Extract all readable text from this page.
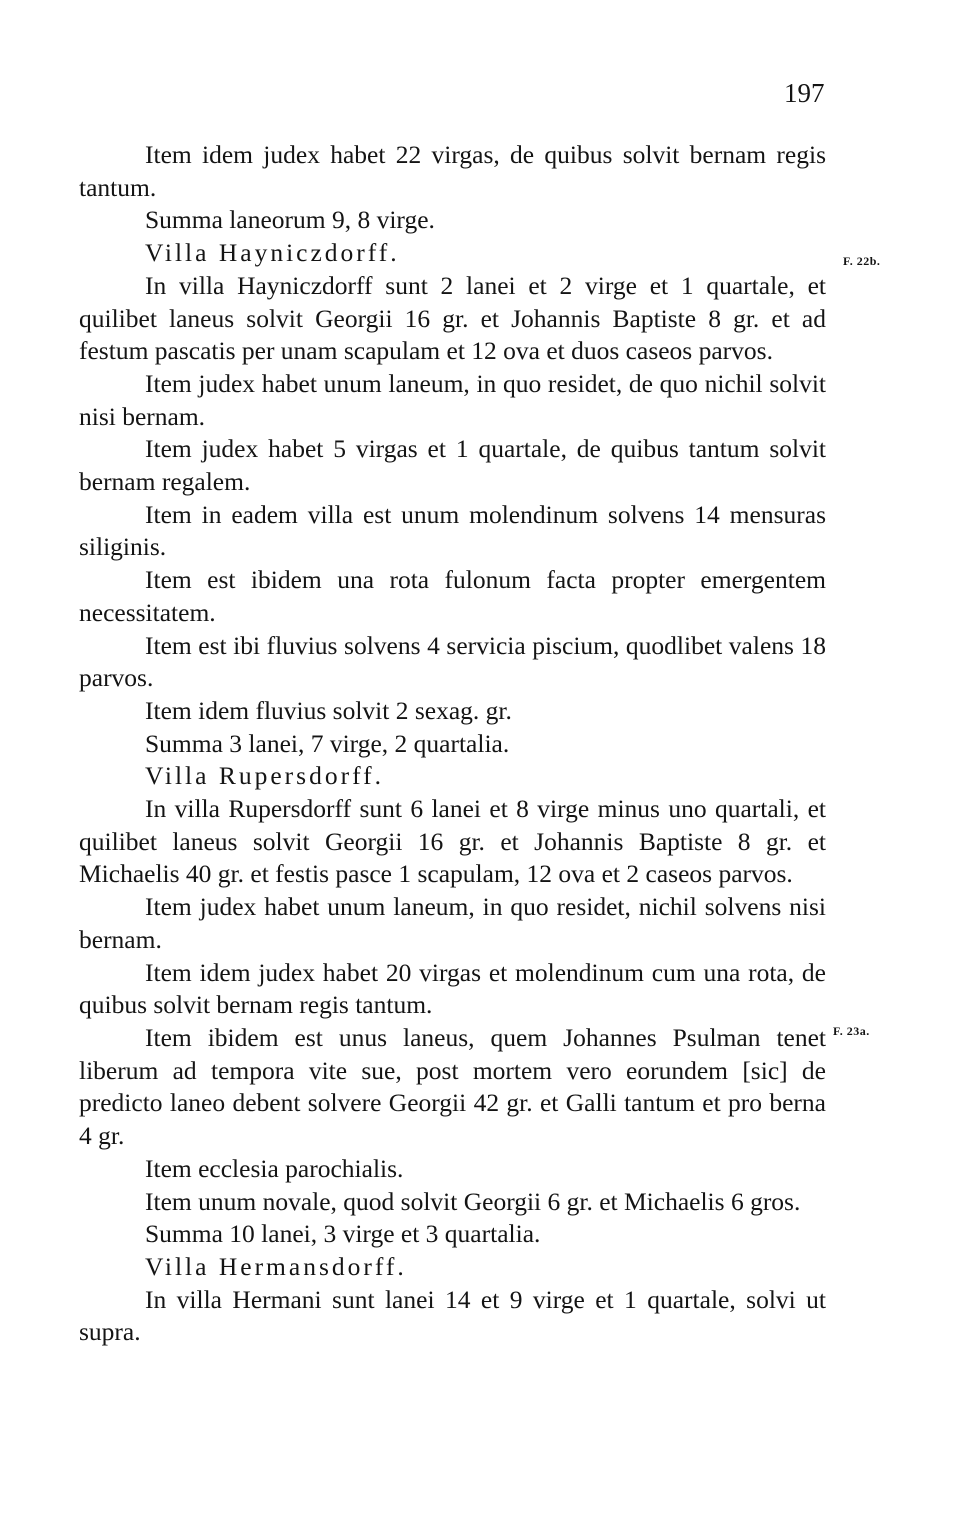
197
F. 22b.
F. 23a.

Item idem judex habet 22 virgas, de quibus solvit bernam regis tantum.

Summa laneorum 9, 8 virge.

Villa Hayniczdorff.

In villa Hayniczdorff sunt 2 lanei et 2 virge et 1 quartale, et quilibet laneus solvit Georgii 16 gr. et Johannis Baptiste 8 gr. et ad festum pascatis per unam scapulam et 12 ova et duos caseos parvos.

Item judex habet unum laneum, in quo residet, de quo nichil solvit nisi bernam.

Item judex habet 5 virgas et 1 quartale, de quibus tantum solvit bernam regalem.

Item in eadem villa est unum molendinum solvens 14 mensuras siliginis.

Item est ibidem una rota fulonum facta propter emergentem necessitatem.

Item est ibi fluvius solvens 4 servicia piscium, quodlibet valens 18 parvos.

Item idem fluvius solvit 2 sexag. gr.

Summa 3 lanei, 7 virge, 2 quartalia.

Villa Rupersdorff.

In villa Rupersdorff sunt 6 lanei et 8 virge minus uno quartali, et quilibet laneus solvit Georgii 16 gr. et Johannis Baptiste 8 gr. et Michaelis 40 gr. et festis pasce 1 scapulam, 12 ova et 2 caseos parvos.

Item judex habet unum laneum, in quo residet, nichil solvens nisi bernam.

Item idem judex habet 20 virgas et molendinum cum una rota, de quibus solvit bernam regis tantum.

Item ibidem est unus laneus, quem Johannes Psulman tenet liberum ad tempora vite sue, post mortem vero eorundem [sic] de predicto laneo debent solvere Georgii 42 gr. et Galli tantum et pro berna 4 gr.

Item ecclesia parochialis.

Item unum novale, quod solvit Georgii 6 gr. et Michaelis 6 gros.

Summa 10 lanei, 3 virge et 3 quartalia.

Villa Hermansdorff.

In villa Hermani sunt lanei 14 et 9 virge et 1 quartale, solvi ut supra.
